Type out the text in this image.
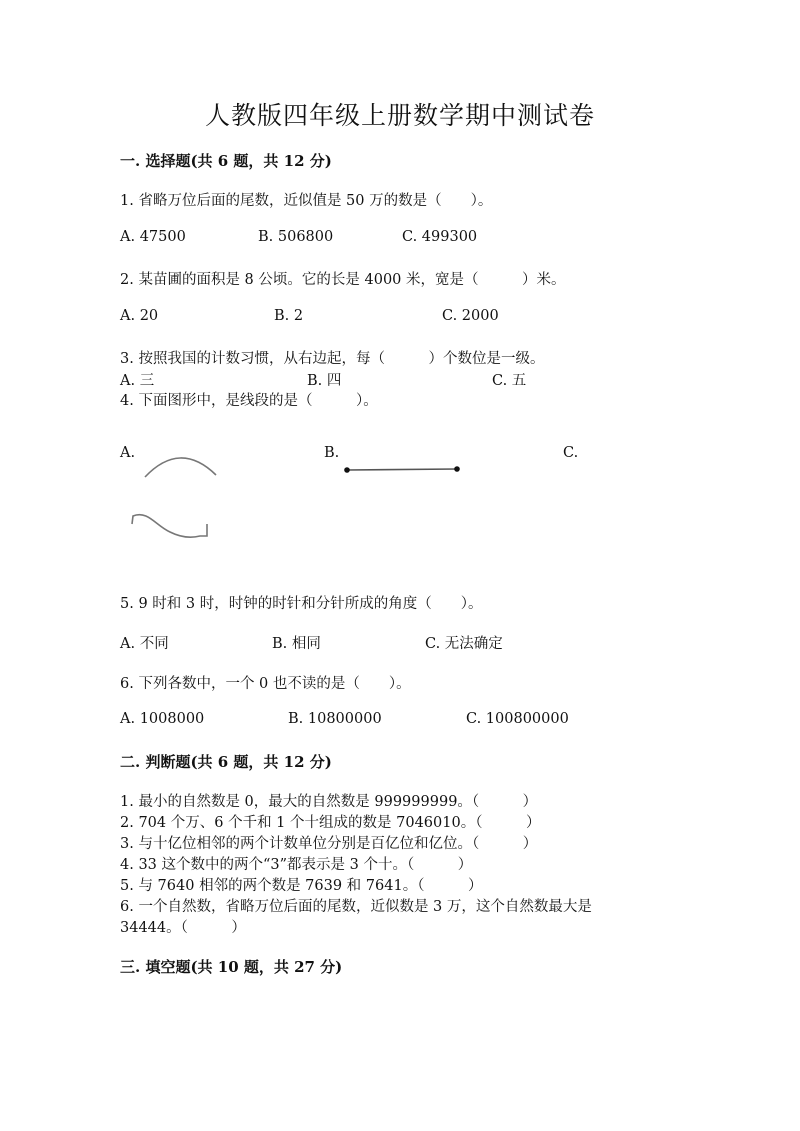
人教版四年级上册数学期中测试卷
一. 选择题(共 6 题，共 12 分)
1. 省略万位后面的尾数，近似值是 50 万的数是（　　）。
A. 47500	B. 506800	C. 499300
2. 某苗圃的面积是 8 公顷。它的长是 4000 米，宽是（　　　）米。
A. 20	B. 2	C. 2000
3. 按照我国的计数习惯，从右边起，每（　　　）个数位是一级。
A. 三	B. 四	C. 五
4. 下面图形中，是线段的是（　　　）。
A.	B.	C.
5. 9 时和 3 时，时钟的时针和分针所成的角度（　　）。
A. 不同	B. 相同	C. 无法确定
6. 下列各数中，一个 0 也不读的是（　　）。
A. 1008000	B. 10800000	C. 100800000
二. 判断题(共 6 题，共 12 分)
1. 最小的自然数是 0，最大的自然数是 999999999。（　　　）
2. 704 个万、6 个千和 1 个十组成的数是 7046010。（　　　）
3. 与十亿位相邻的两个计数单位分别是百亿位和亿位。（　　　）
4. 33 这个数中的两个“3”都表示是 3 个十。（　　　）
5. 与 7640 相邻的两个数是 7639 和 7641。（　　　）
6. 一个自然数，省略万位后面的尾数，近似数是 3 万，这个自然数最大是
34444。（　　　）
三. 填空题(共 10 题，共 27 分)
